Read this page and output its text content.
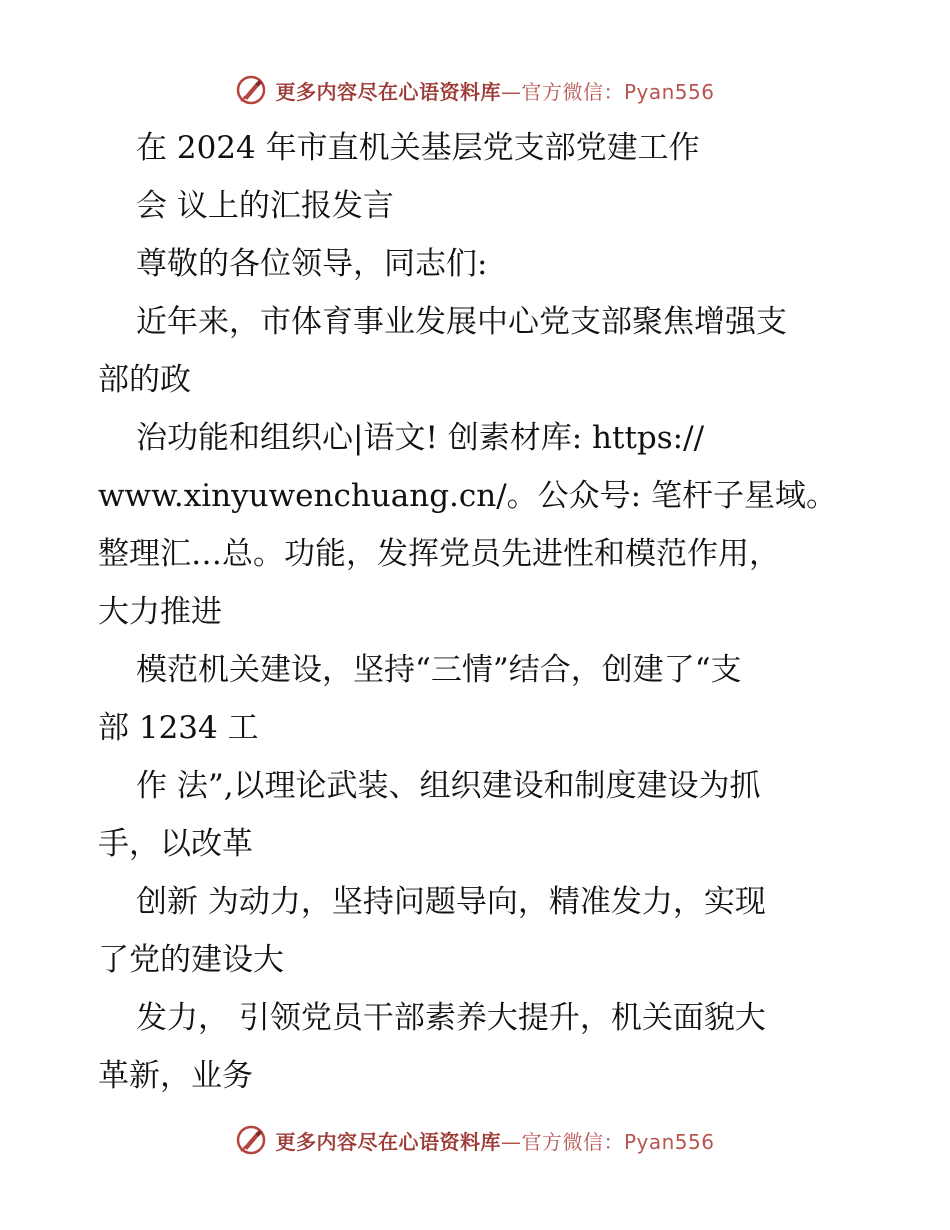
更多内容尽在心语资料库—官方微信：Pyan556
在 2024 年市直机关基层党支部党建工作
会 议上的汇报发言
尊敬的各位领导，同志们:
近年来，市体育事业发展中心党支部聚焦增强支
部的政
治功能和组织心|语文! 创素材库: https://
www.xinyuwenchuang.cn/。公众号: 笔杆子星域。
整理汇…总。功能，发挥党员先进性和模范作用，
大力推进
模范机关建设，坚持“三情”结合，创建了“支
部 1234 工
作 法”,以理论武装、组织建设和制度建设为抓
手，以改革
创新 为动力，坚持问题导向，精准发力，实现
了党的建设大
发力， 引领党员干部素养大提升，机关面貌大
革新，业务
更多内容尽在心语资料库—官方微信：Pyan556
